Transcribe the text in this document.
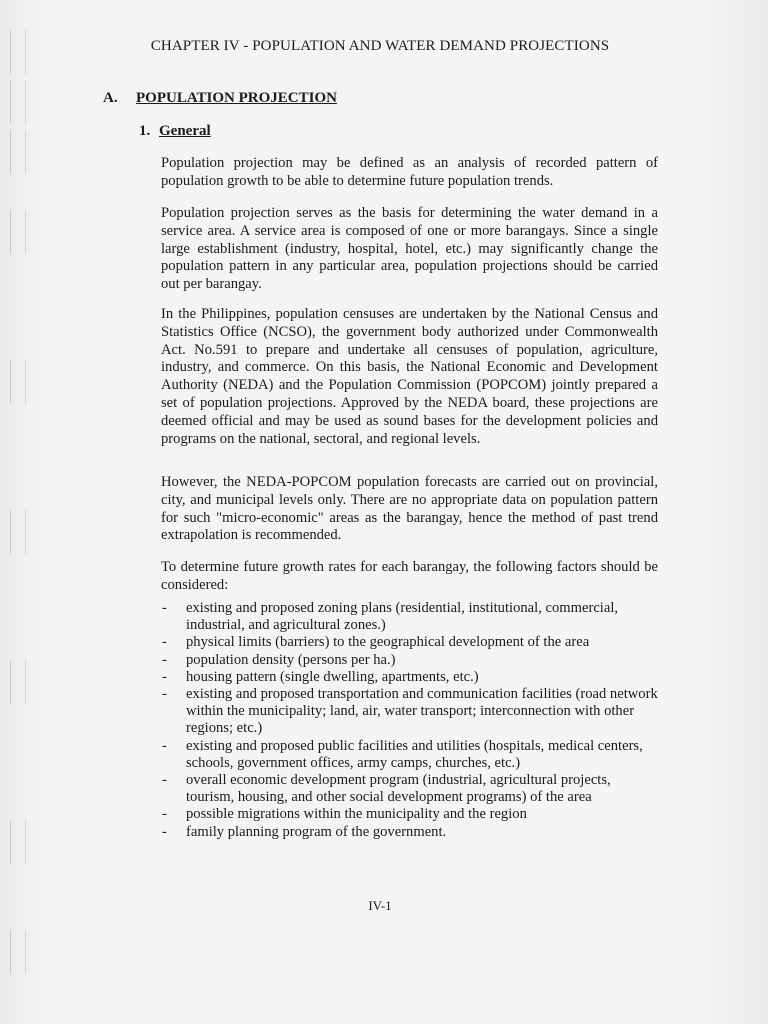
CHAPTER IV - POPULATION AND WATER DEMAND PROJECTIONS
A. POPULATION PROJECTION
1. General

Population projection may be defined as an analysis of recorded pattern of population growth to be able to determine future population trends.

Population projection serves as the basis for determining the water demand in a service area. A service area is composed of one or more barangays. Since a single large establishment (industry, hospital, hotel, etc.) may significantly change the population pattern in any particular area, population projections should be carried out per barangay.

In the Philippines, population censuses are undertaken by the National Census and Statistics Office (NCSO), the government body authorized under Commonwealth Act. No.591 to prepare and undertake all censuses of population, agriculture, industry, and commerce. On this basis, the National Economic and Development Authority (NEDA) and the Population Commission (POPCOM) jointly prepared a set of population projections. Approved by the NEDA board, these projections are deemed official and may be used as sound bases for the development policies and programs on the national, sectoral, and regional levels.

However, the NEDA-POPCOM population forecasts are carried out on provincial, city, and municipal levels only. There are no appropriate data on population pattern for such "micro-economic" areas as the barangay, hence the method of past trend extrapolation is recommended.

To determine future growth rates for each barangay, the following factors should be considered:

- existing and proposed zoning plans (residential, institutional, commercial, industrial, and agricultural zones.)
- physical limits (barriers) to the geographical development of the area
- population density (persons per ha.)
- housing pattern (single dwelling, apartments, etc.)
- existing and proposed transportation and communication facilities (road network within the municipality; land, air, water transport; interconnection with other regions; etc.)
- existing and proposed public facilities and utilities (hospitals, medical centers, schools, government offices, army camps, churches, etc.)
- overall economic development program (industrial, agricultural projects, tourism, housing, and other social development programs) of the area
- possible migrations within the municipality and the region
- family planning program of the government.
IV-1
